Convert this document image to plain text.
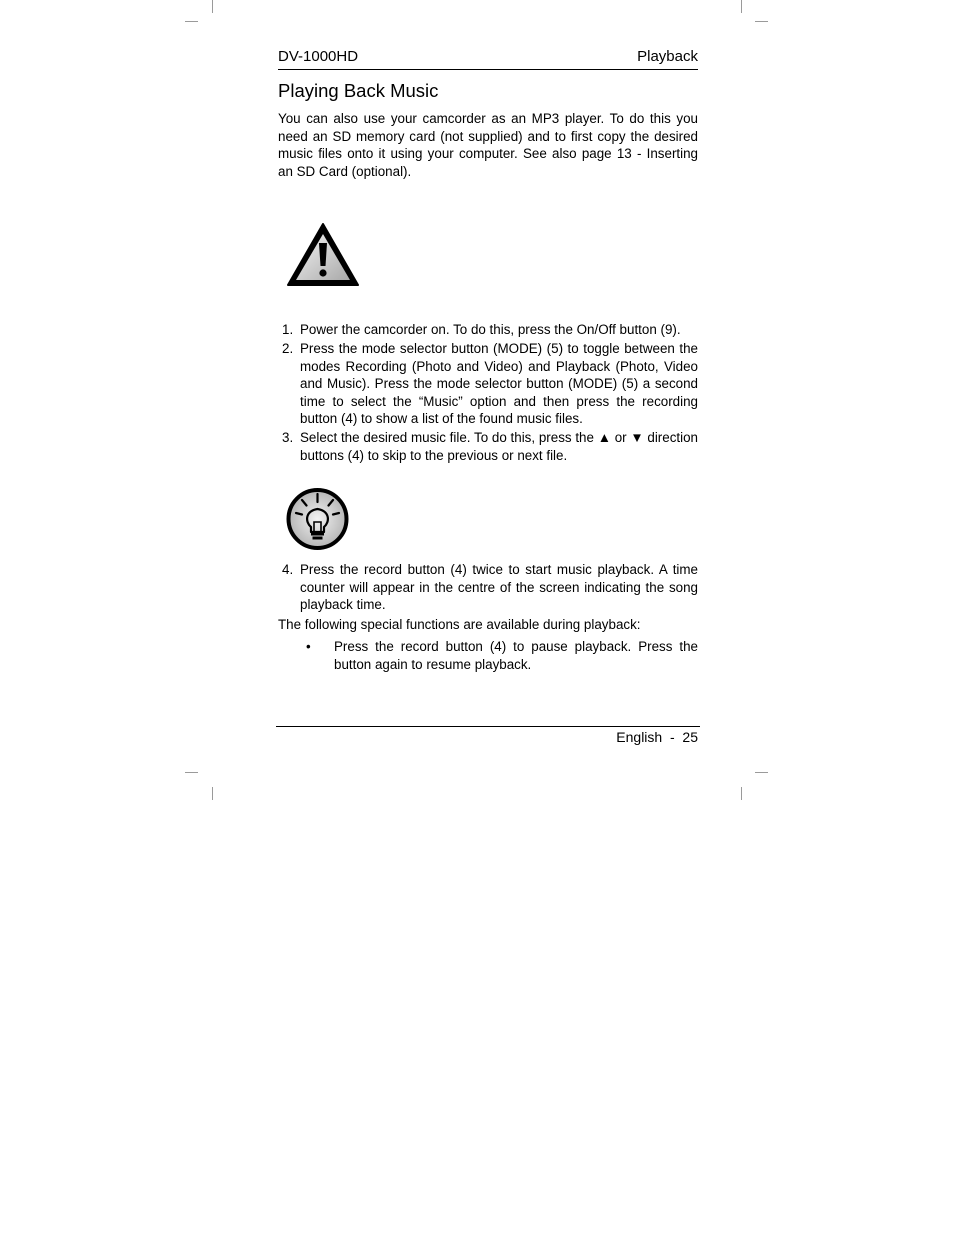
DV-1000HD	Playback
Playing Back Music

You can also use your camcorder as an MP3 player. To do this you need an SD memory card (not supplied) and to first copy the desired music files onto it using your computer. See also page 13 - Inserting an SD Card (optional).

1. Power the camcorder on. To do this, press the On/Off button (9).
2. Press the mode selector button (MODE) (5) to toggle between the modes Recording (Photo and Video) and Playback (Photo, Video and Music). Press the mode selector button (MODE) (5) a second time to select the “Music” option and then press the recording button (4) to show a list of the found music files.
3. Select the desired music file. To do this, press the ▲ or ▼ direction buttons (4) to skip to the previous or next file.
4. Press the record button (4) twice to start music playback. A time counter will appear in the centre of the screen indicating the song playback time.

The following special functions are available during playback:

• Press the record button (4) to pause playback. Press the button again to resume playback.
English  -  25
